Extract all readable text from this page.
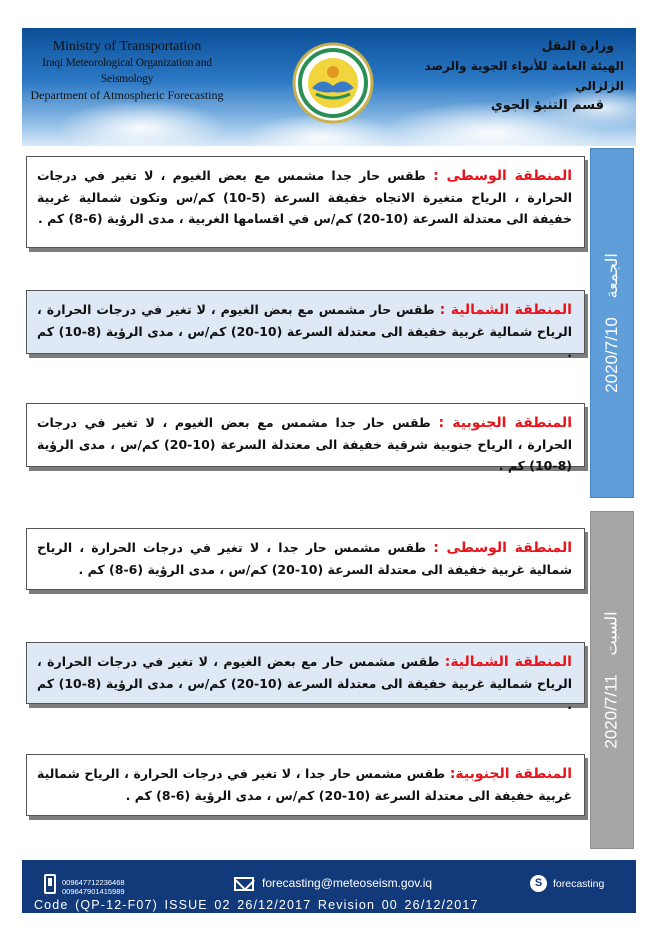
Ministry of Transportation
Iraqi Meteorological Organization and Seismology
Department of Atmospheric Forecasting
وزارة النقل
الهيئة العامة للأنواء الجوية والرصد الزلزالي
قسم التنبؤ الجوي
2020/7/10 الجمعة
2020/7/11 السبت
المنطقة الوسطى : طقس حار جدا مشمس مع بعض الغيوم ، لا تغير في درجات الحرارة ، الرياح متغيرة الاتجاه خفيفة السرعة (5-10) كم/س وتكون شمالية غربية خفيفة الى معتدلة السرعة (10-20) كم/س في اقسامها الغربية ، مدى الرؤية (6-8) كم .
المنطقة الشمالية : طقس حار مشمس مع بعض الغيوم ، لا تغير في درجات الحرارة ، الرياح شمالية غربية خفيفة الى معتدلة السرعة (10-20) كم/س ، مدى الرؤية (8-10) كم .
المنطقة الجنوبية : طقس حار جدا مشمس مع بعض الغيوم ، لا تغير في درجات الحرارة ، الرياح جنوبية شرقية خفيفة الى معتدلة السرعة (10-20) كم/س ، مدى الرؤية (8-10) كم .
المنطقة الوسطى : طقس مشمس حار جدا ، لا تغير في درجات الحرارة ، الرياح شمالية غربية خفيفة الى معتدلة السرعة (10-20) كم/س ، مدى الرؤية (6-8) كم .
المنطقة الشمالية: طقس مشمس حار مع بعض الغيوم ، لا تغير في درجات الحرارة ، الرياح شمالية غربية خفيفة الى معتدلة السرعة (10-20) كم/س ، مدى الرؤية (8-10) كم .
المنطقة الجنوبية: طقس مشمس حار جدا ، لا تغير في درجات الحرارة ، الرياح شمالية غربية خفيفة الى معتدلة السرعة (10-20) كم/س ، مدى الرؤية (6-8) كم .
009647712236468
009647901415989
forecasting@meteoseism.gov.iq	S	forecasting
Code (QP-12-F07) ISSUE 02 26/12/2017 Revision 00 26/12/2017
